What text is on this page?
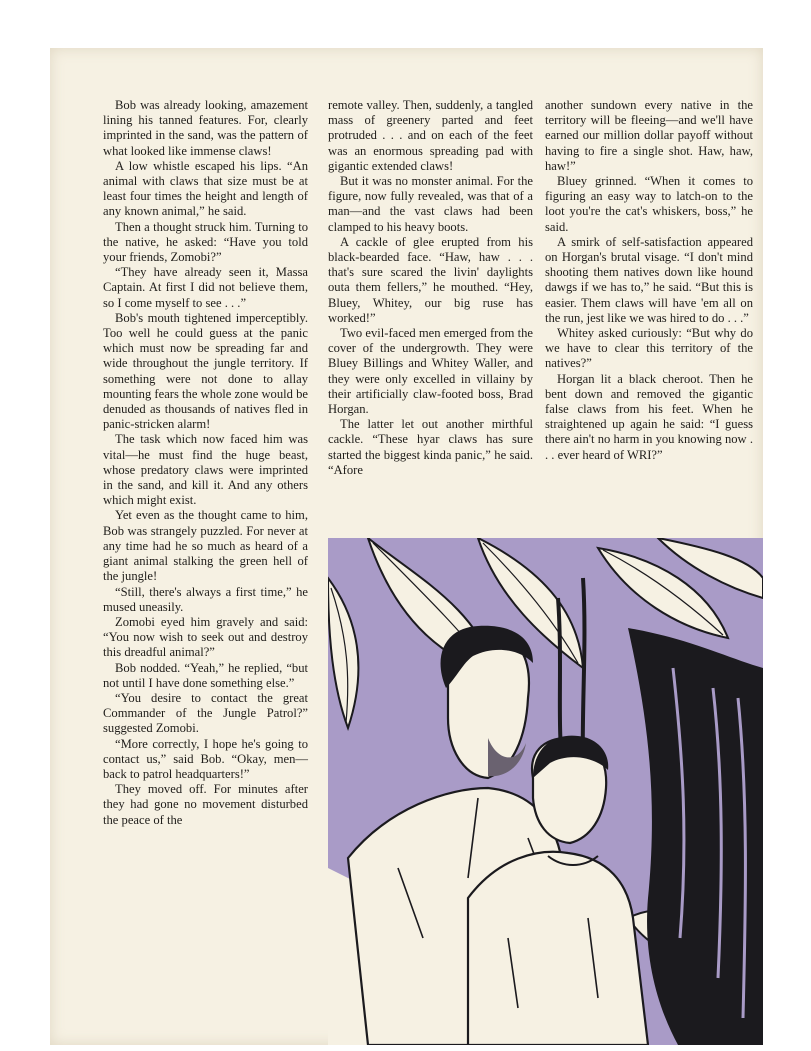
Bob was already looking, amazement lining his tanned features. For, clearly imprinted in the sand, was the pattern of what looked like immense claws!

A low whistle escaped his lips. “An animal with claws that size must be at least four times the height and length of any known animal,” he said.

Then a thought struck him. Turning to the native, he asked: “Have you told your friends, Zomobi?”

“They have already seen it, Massa Captain. At first I did not believe them, so I come myself to see . . .”

Bob's mouth tightened imperceptibly. Too well he could guess at the panic which must now be spreading far and wide throughout the jungle territory. If something were not done to allay mounting fears the whole zone would be denuded as thousands of natives fled in panic-stricken alarm!

The task which now faced him was vital—he must find the huge beast, whose predatory claws were imprinted in the sand, and kill it. And any others which might exist.

Yet even as the thought came to him, Bob was strangely puzzled. For never at any time had he so much as heard of a giant animal stalking the green hell of the jungle!

“Still, there's always a first time,” he mused uneasily.

Zomobi eyed him gravely and said: “You now wish to seek out and destroy this dreadful animal?”

Bob nodded. “Yeah,” he replied, “but not until I have done something else.”

“You desire to contact the great Commander of the Jungle Patrol?” suggested Zomobi.

“More correctly, I hope he's going to contact us,” said Bob. “Okay, men—back to patrol headquarters!”

They moved off. For minutes after they had gone no movement disturbed the peace of the

remote valley. Then, suddenly, a tangled mass of greenery parted and feet protruded . . . and on each of the feet was an enormous spreading pad with gigantic extended claws!

But it was no monster animal. For the figure, now fully revealed, was that of a man—and the vast claws had been clamped to his heavy boots.

A cackle of glee erupted from his black-bearded face. “Haw, haw . . . that's sure scared the livin' daylights outa them fellers,” he mouthed. “Hey, Bluey, Whitey, our big ruse has worked!”

Two evil-faced men emerged from the cover of the undergrowth. They were Bluey Billings and Whitey Waller, and they were only excelled in villainy by their artificially claw-footed boss, Brad Horgan.

The latter let out another mirthful cackle. “These hyar claws has sure started the biggest kinda panic,” he said. “Afore

another sundown every native in the territory will be fleeing—and we'll have earned our million dollar payoff without having to fire a single shot. Haw, haw, haw!”

Bluey grinned. “When it comes to figuring an easy way to latch-on to the loot you're the cat's whiskers, boss,” he said.

A smirk of self-satisfaction appeared on Horgan's brutal visage. “I don't mind shooting them natives down like hound dawgs if we has to,” he said. “But this is easier. Them claws will have 'em all on the run, jest like we was hired to do . . .”

Whitey asked curiously: “But why do we have to clear this territory of the natives?”

Horgan lit a black cheroot. Then he bent down and removed the gigantic false claws from his feet. When he straightened up again he said: “I guess there ain't no harm in you knowing now . . . ever heard of WRI?”
